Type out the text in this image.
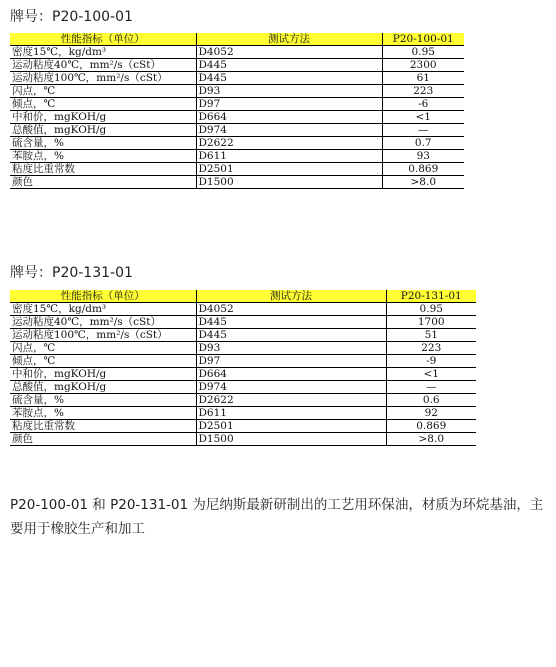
牌号：P20-100-01
性能指标（单位）	测试方法	P20-100-01
密度15℃，kg/dm³	D4052	0.95
运动粘度40℃，mm²/s（cSt）	D445	2300
运动粘度100℃，mm²/s（cSt）	D445	61
闪点，℃	D93	223
倾点，℃	D97	-6
中和价，mgKOH/g	D664	<1
总酸值，mgKOH/g	D974	—
硫含量，%	D2622	0.7
苯胺点，%	D611	93
粘度比重常数	D2501	0.869
颜色	D1500	>8.0
牌号：P20-131-01
性能指标（单位）	测试方法	P20-131-01
密度15℃，kg/dm³	D4052	0.95
运动粘度40℃，mm²/s（cSt）	D445	1700
运动粘度100℃，mm²/s（cSt）	D445	51
闪点，℃	D93	223
倾点，℃	D97	-9
中和价，mgKOH/g	D664	<1
总酸值，mgKOH/g	D974	—
硫含量，%	D2622	0.6
苯胺点，%	D611	92
粘度比重常数	D2501	0.869
颜色	D1500	>8.0
P20-100-01 和 P20-131-01 为尼纳斯最新研制出的工艺用环保油，材质为环烷基油，主要用于橡胶生产和加工
